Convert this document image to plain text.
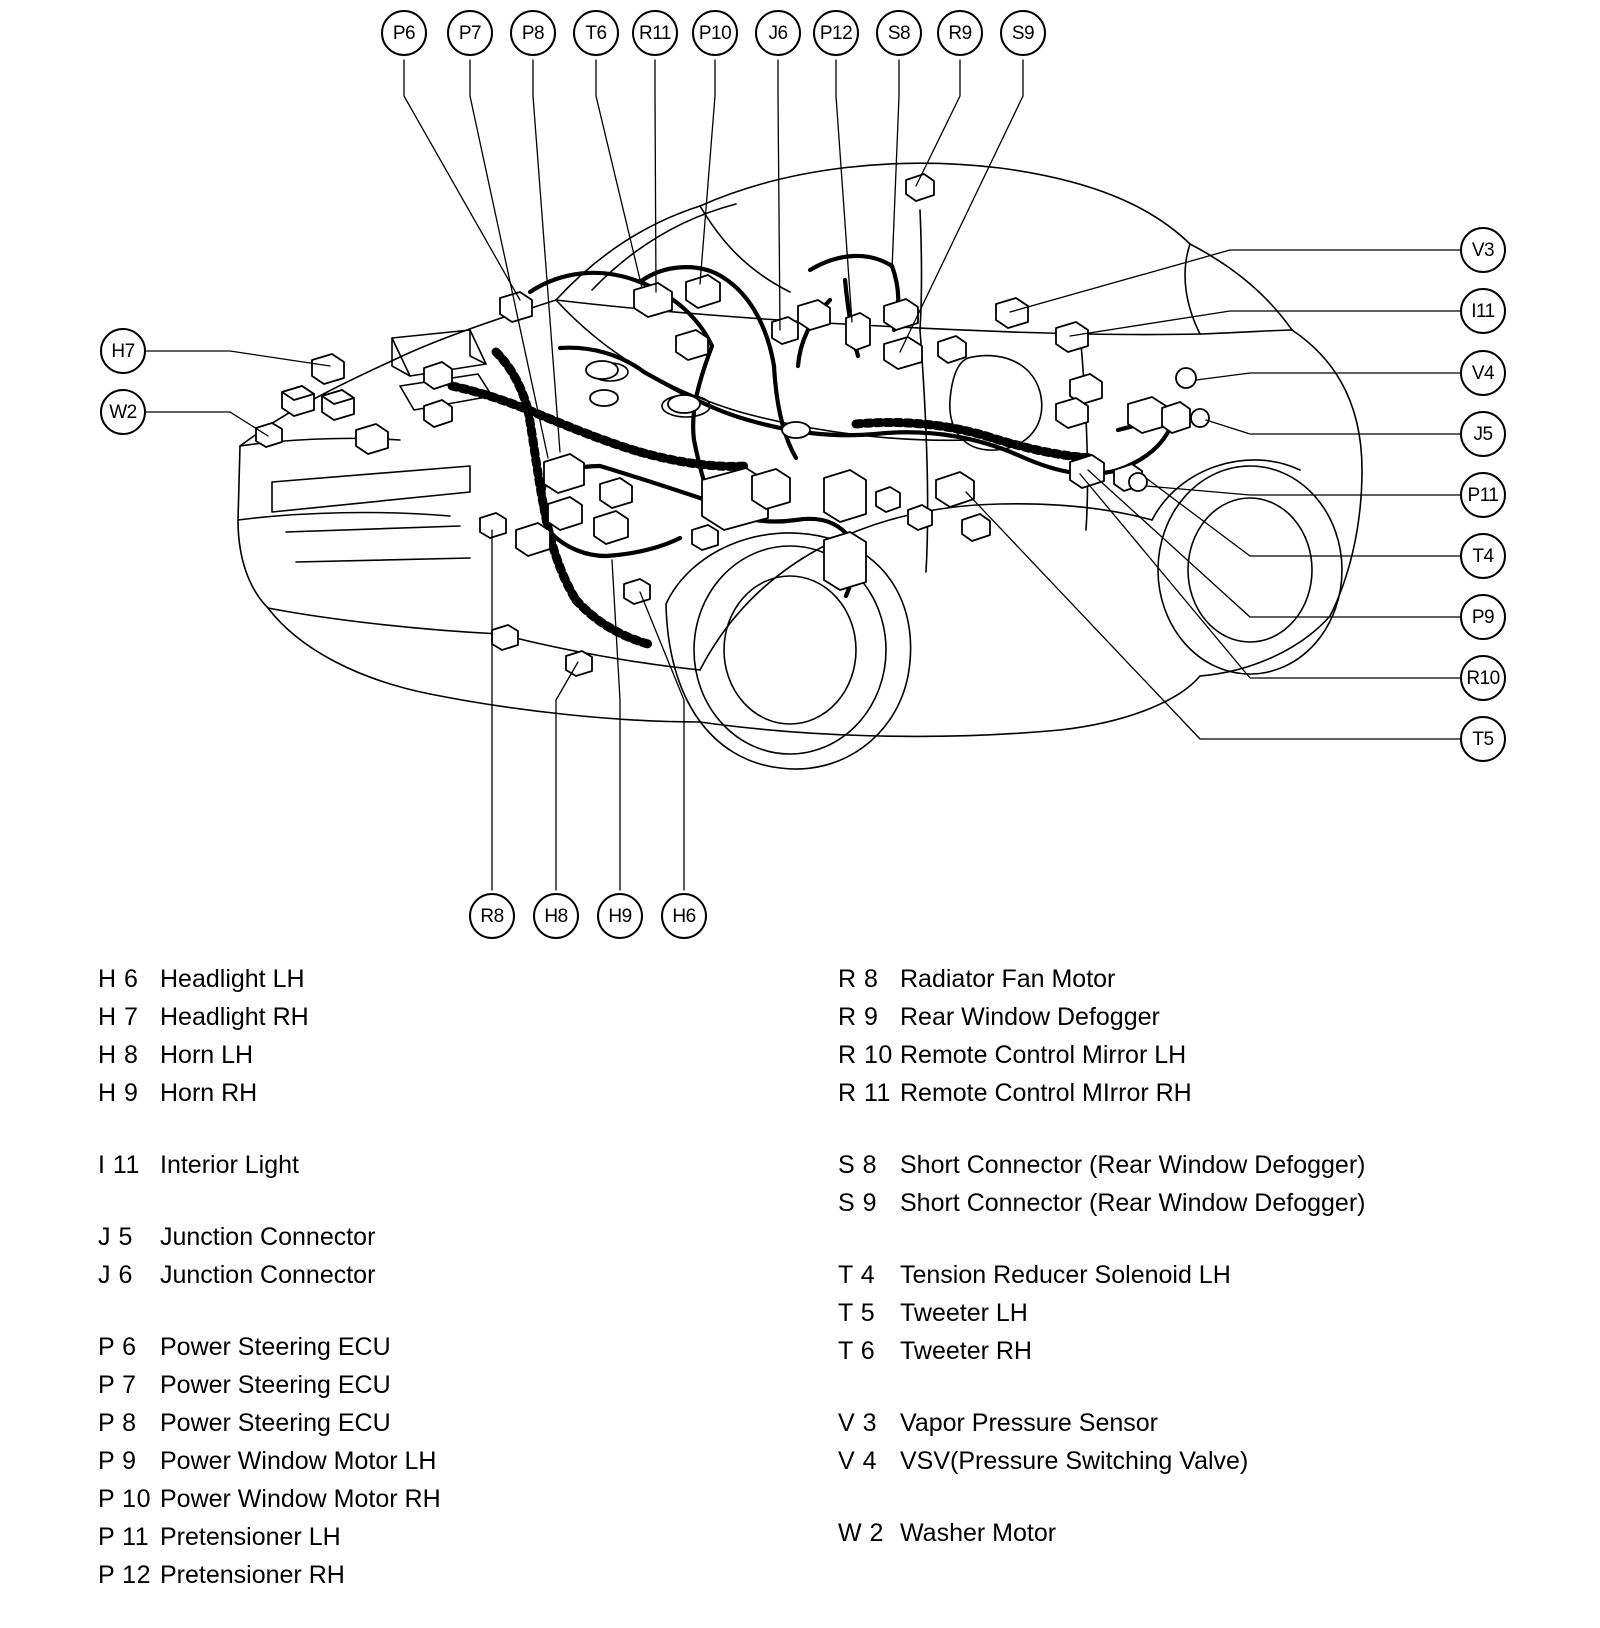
P6	P7	P8	T6	R11	P10	J6	P12	S8	R9	S9
H7
W2
V3
I11
V4
J5
P11
T4
P9
R10
T5
R8	H8	H9	H6
H 6 Headlight LH
H 7 Headlight RH
H 8 Horn LH
H 9 Horn RH
I 11 Interior Light
J 5	Junction Connector
J 6	Junction Connector
P 6 Power Steering ECU
P 7 Power Steering ECU
P 8 Power Steering ECU
P 9 Power Window Motor LH
P 10 Power Window Motor RH
P 11 Pretensioner LH
P 12 Pretensioner RH
R 8 Radiator Fan Motor
R 9 Rear Window Defogger
R 10 Remote Control Mirror LH
R 11 Remote Control MIrror RH
S 8 Short Connector (Rear Window Defogger)
S 9 Short Connector (Rear Window Defogger)
T 4 Tension Reducer Solenoid LH
T 5 Tweeter LH
T 6 Tweeter RH
V 3 Vapor Pressure Sensor
V 4 VSV(Pressure Switching Valve)
W 2 Washer Motor
